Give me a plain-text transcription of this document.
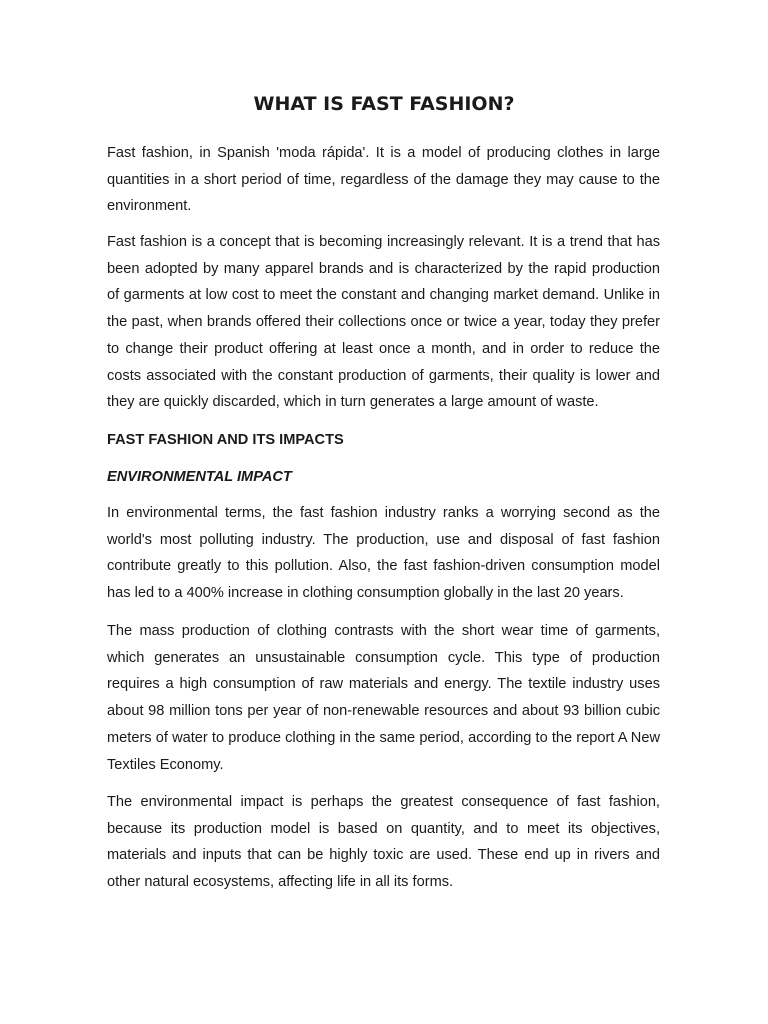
WHAT IS FAST FASHION?

Fast fashion, in Spanish 'moda rápida'. It is a model of producing clothes in large quantities in a short period of time, regardless of the damage they may cause to the environment.

Fast fashion is a concept that is becoming increasingly relevant. It is a trend that has been adopted by many apparel brands and is characterized by the rapid production of garments at low cost to meet the constant and changing market demand. Unlike in the past, when brands offered their collections once or twice a year, today they prefer to change their product offering at least once a month, and in order to reduce the costs associated with the constant production of garments, their quality is lower and they are quickly discarded, which in turn generates a large amount of waste.

FAST FASHION AND ITS IMPACTS
ENVIRONMENTAL IMPACT

In environmental terms, the fast fashion industry ranks a worrying second as the world's most polluting industry. The production, use and disposal of fast fashion contribute greatly to this pollution. Also, the fast fashion-driven consumption model has led to a 400% increase in clothing consumption globally in the last 20 years.

The mass production of clothing contrasts with the short wear time of garments, which generates an unsustainable consumption cycle. This type of production requires a high consumption of raw materials and energy. The textile industry uses about 98 million tons per year of non-renewable resources and about 93 billion cubic meters of water to produce clothing in the same period, according to the report A New Textiles Economy.

The environmental impact is perhaps the greatest consequence of fast fashion, because its production model is based on quantity, and to meet its objectives, materials and inputs that can be highly toxic are used. These end up in rivers and other natural ecosystems, affecting life in all its forms.
